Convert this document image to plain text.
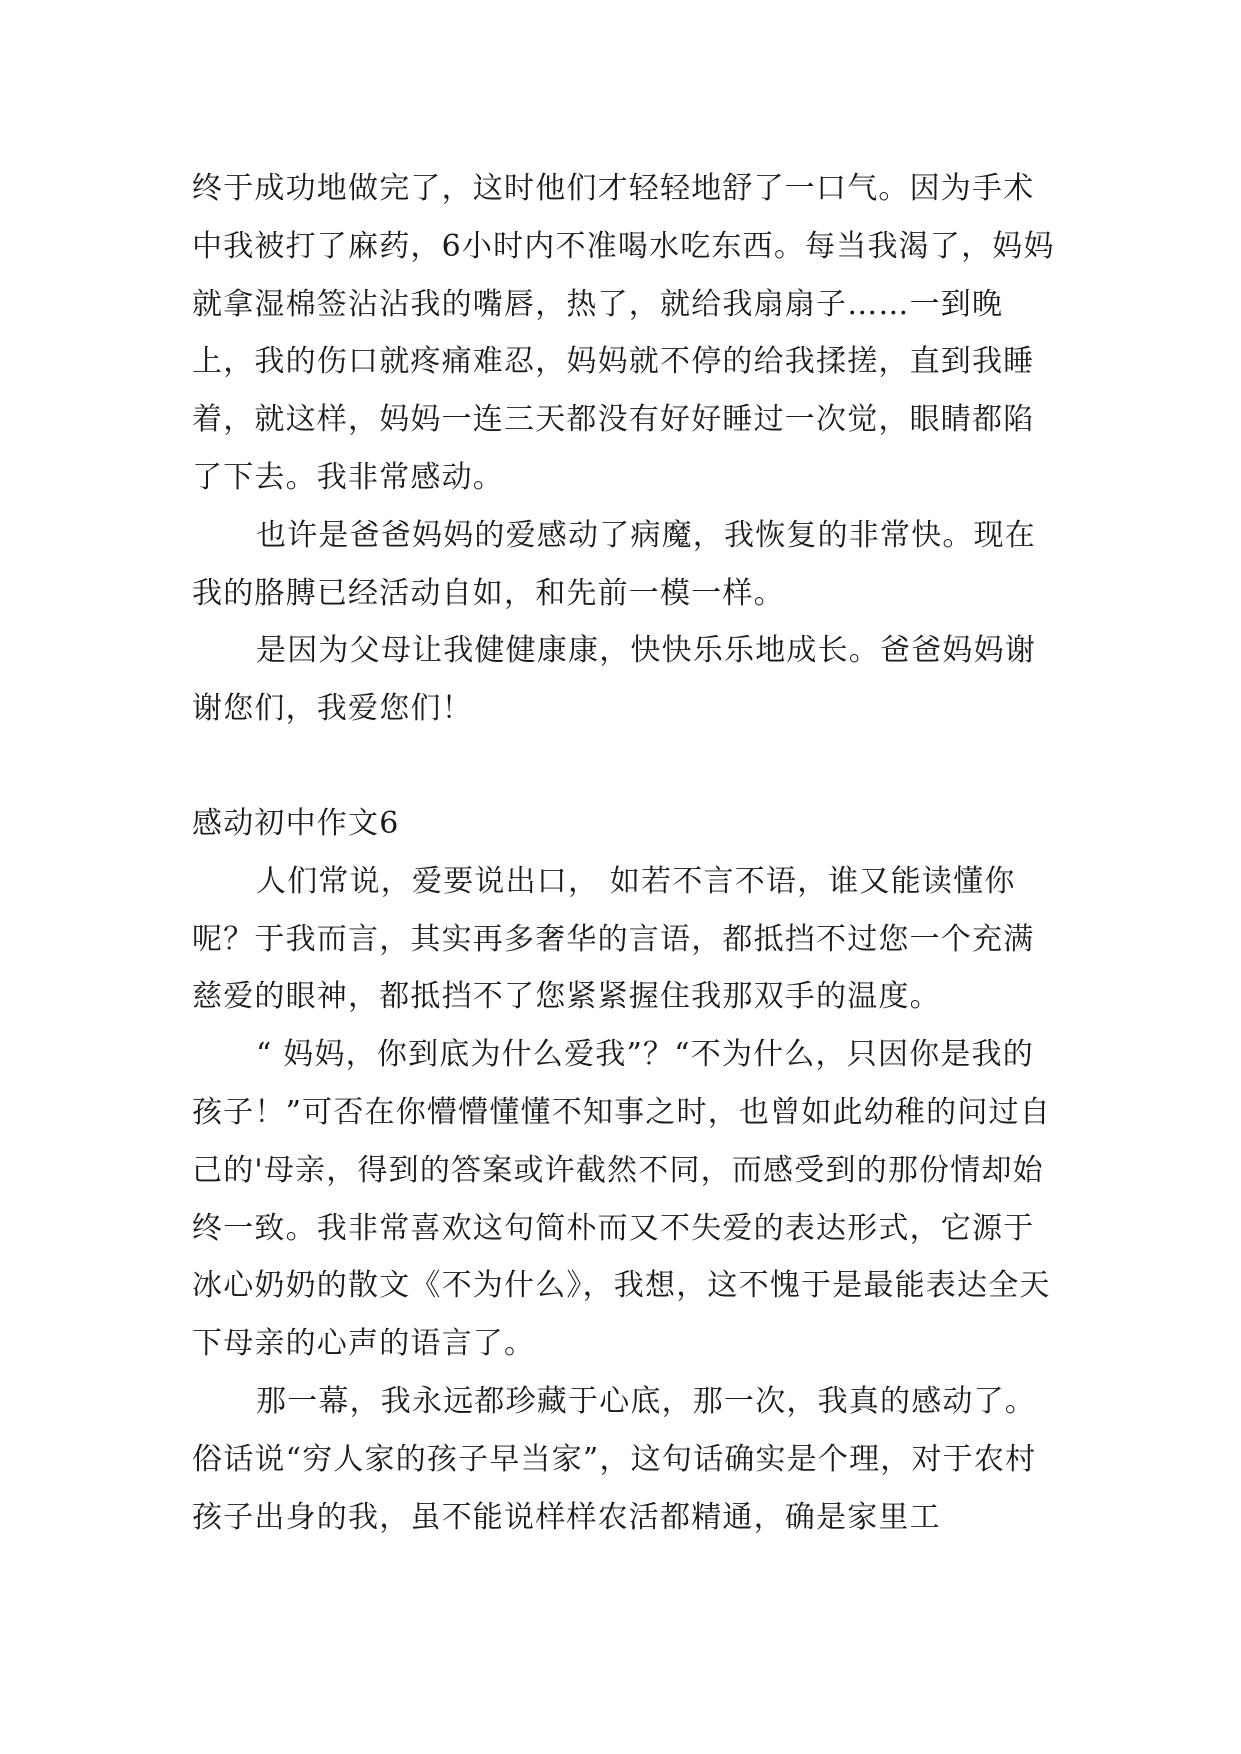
终于成功地做完了，这时他们才轻轻地舒了一口气。因为手术中我被打了麻药，6小时内不准喝水吃东西。每当我渴了，妈妈就拿湿棉签沾沾我的嘴唇，热了，就给我扇扇子……一到晚上，我的伤口就疼痛难忍，妈妈就不停的给我揉搓，直到我睡着，就这样，妈妈一连三天都没有好好睡过一次觉，眼睛都陷了下去。我非常感动。

也许是爸爸妈妈的爱感动了病魔，我恢复的非常快。现在我的胳膊已经活动自如，和先前一模一样。

是因为父母让我健健康康，快快乐乐地成长。爸爸妈妈谢谢您们，我爱您们！

感动初中作文6

人们常说，爱要说出口， 如若不言不语，谁又能读懂你呢？于我而言，其实再多奢华的言语，都抵挡不过您一个充满慈爱的眼神，都抵挡不了您紧紧握住我那双手的温度。

“ 妈妈，你到底为什么爱我”？“不为什么，只因你是我的孩子！”可否在你懵懵懂懂不知事之时，也曾如此幼稚的问过自己的'母亲，得到的答案或许截然不同，而感受到的那份情却始终一致。我非常喜欢这句简朴而又不失爱的表达形式，它源于冰心奶奶的散文《不为什么》，我想，这不愧于是最能表达全天下母亲的心声的语言了。

那一幕，我永远都珍藏于心底，那一次，我真的感动了。俗话说“穷人家的孩子早当家”，这句话确实是个理，对于农村孩子出身的我，虽不能说样样农活都精通，确是家里工
